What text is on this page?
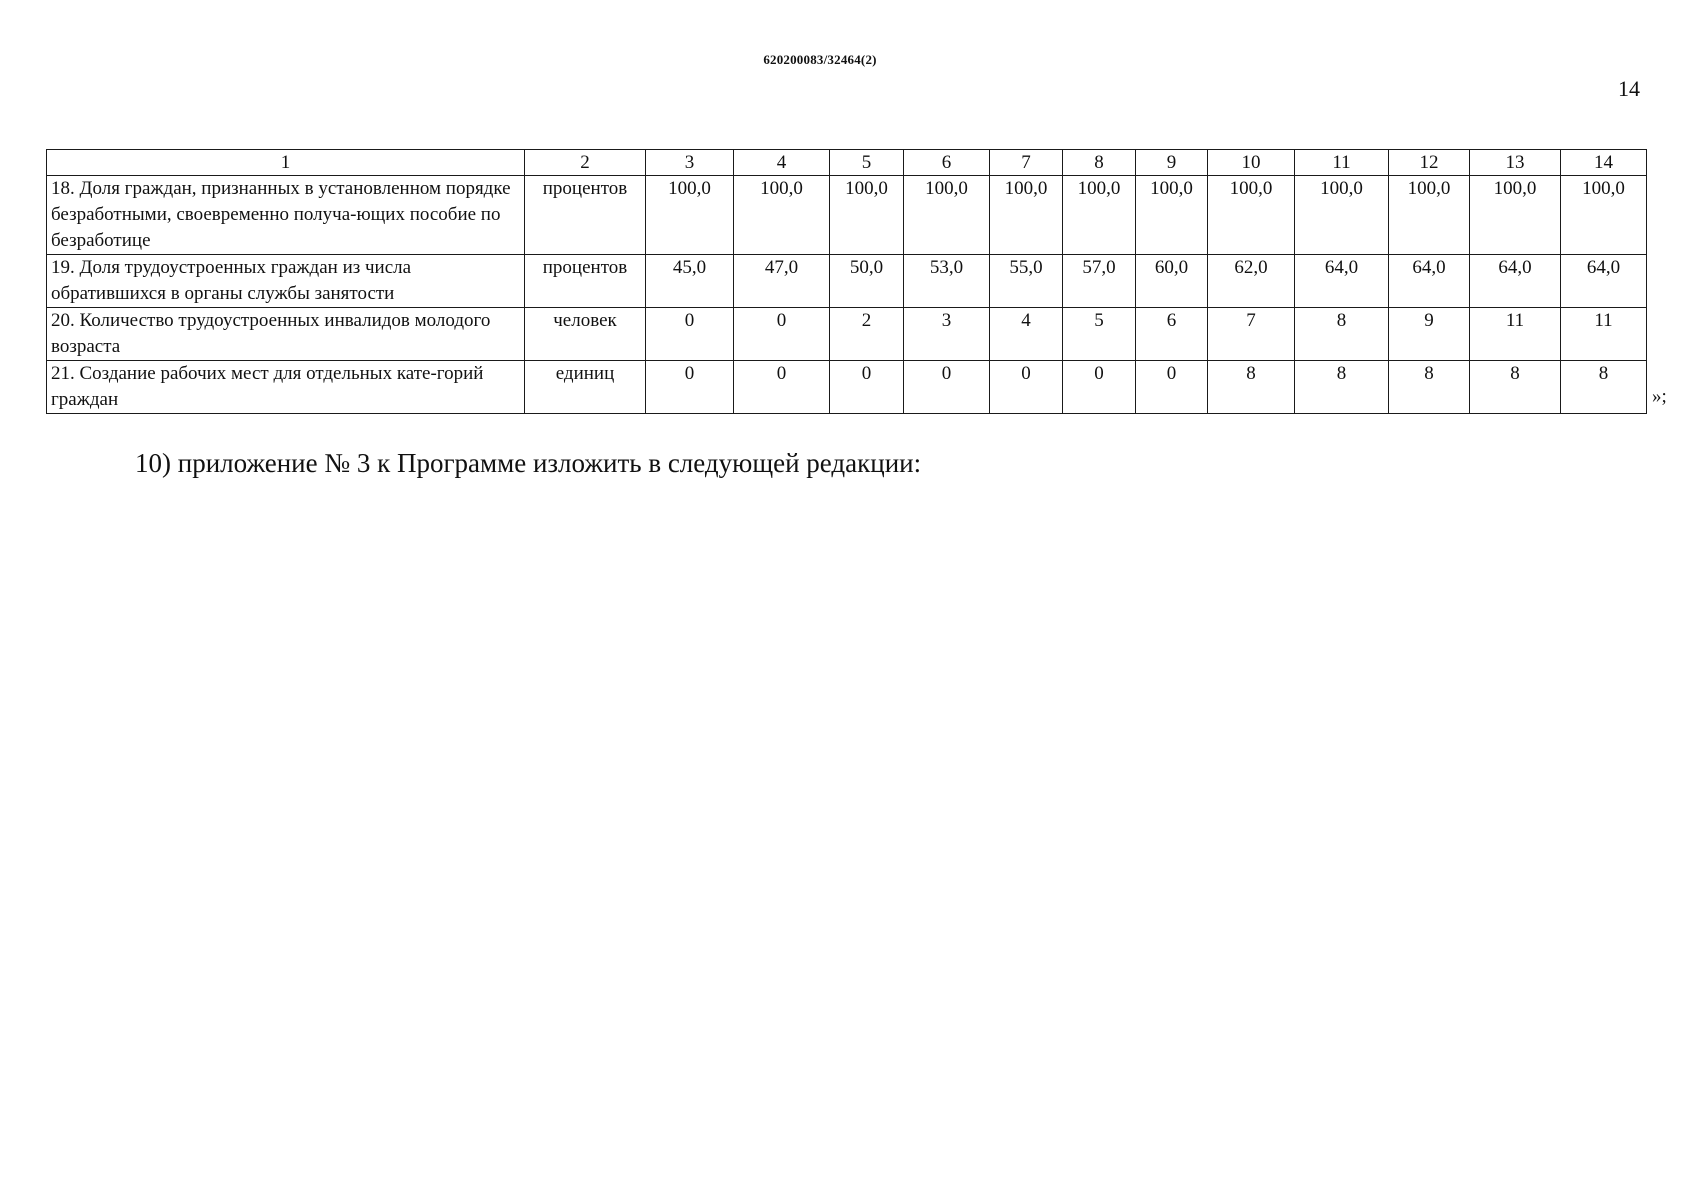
620200083/32464(2)
14
1	2	3	4	5	6	7	8	9	10	11	12	13	14
18. Доля граждан, признанных в установленном порядке безработными, своевременно получа-ющих пособие по безработице	процентов	100,0	100,0	100,0	100,0	100,0	100,0	100,0	100,0	100,0	100,0	100,0	100,0
19. Доля трудоустроенных граждан из числа обратившихся в органы службы занятости	процентов	45,0	47,0	50,0	53,0	55,0	57,0	60,0	62,0	64,0	64,0	64,0	64,0
20. Количество трудоустроенных инвалидов молодого возраста	человек	0	0	2	3	4	5	6	7	8	9	11	11
21. Создание рабочих мест для отдельных кате-горий граждан	единиц	0	0	0	0	0	0	0	8	8	8	8	8
»;
10) приложение № 3 к Программе изложить в следующей редакции:
